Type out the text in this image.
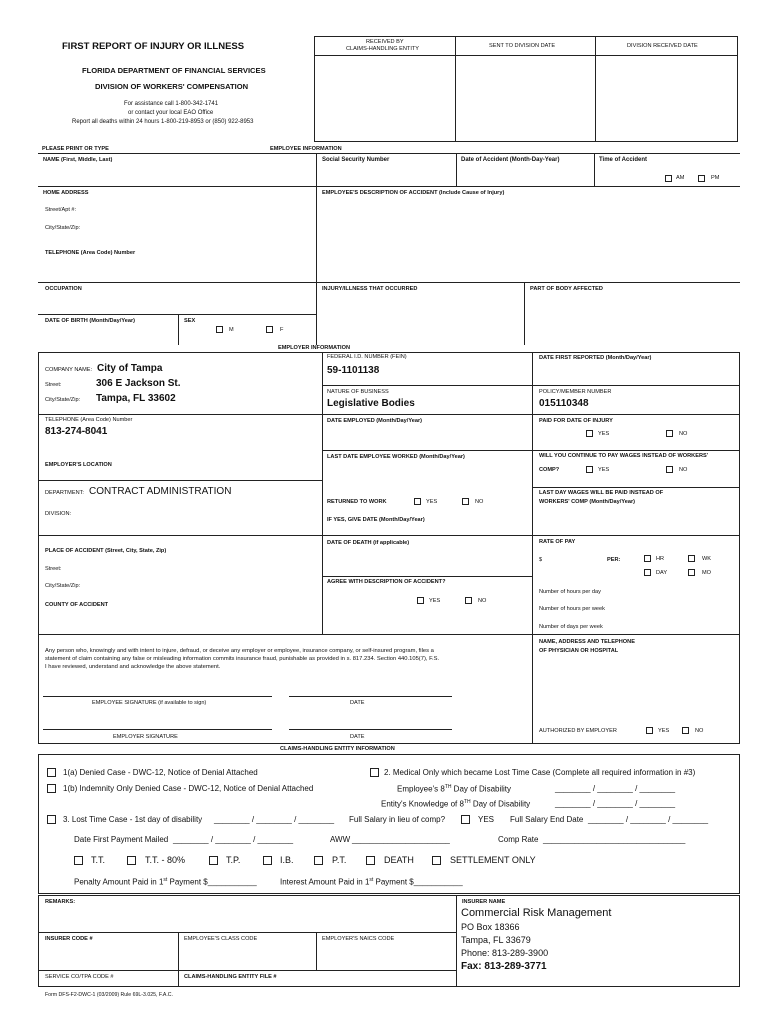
FIRST REPORT OF INJURY OR ILLNESS
FLORIDA DEPARTMENT OF FINANCIAL SERVICES
DIVISION OF WORKERS' COMPENSATION
For assistance call 1-800-342-1741
or contact your local EAO Office
Report all deaths within 24 hours 1-800-219-8953 or (850) 922-8953
RECEIVED BY
CLAIMS-HANDLING ENTITY	SENT TO DIVISION DATE	DIVISION RECEIVED DATE
PLEASE PRINT OR TYPE	EMPLOYEE INFORMATION
NAME (First, Middle, Last)	Social Security Number	Date of Accident (Month-Day-Year)	Time of Accident
AM	PM
HOME ADDRESS
Street/Apt #:
City/State/Zip:
TELEPHONE (Area Code) Number
EMPLOYEE'S DESCRIPTION OF ACCIDENT (Include Cause of Injury)
OCCUPATION	INJURY/ILLNESS THAT OCCURRED	PART OF BODY AFFECTED
DATE OF BIRTH (Month/Day/Year)	SEX
M	F
EMPLOYER INFORMATION
COMPANY NAME: City of Tampa
Street:	306 E Jackson St.
City/State/Zip: Tampa, FL 33602
FEDERAL I.D. NUMBER (FEIN)
59-1101138
DATE FIRST REPORTED (Month/Day/Year)
NATURE OF BUSINESS
Legislative Bodies
POLICY/MEMBER NUMBER
015110348
TELEPHONE (Area Code) Number
813-274-8041
DATE EMPLOYED (Month/Day/Year)	PAID FOR DATE OF INJURY
YES	NO
EMPLOYER'S LOCATION
LAST DATE EMPLOYEE WORKED (Month/Day/Year)	WILL YOU CONTINUE TO PAY WAGES INSTEAD OF WORKERS'
COMP?	YES	NO
DEPARTMENT: CONTRACT ADMINISTRATION
DIVISION:
RETURNED TO WORK	YES	NO
IF YES, GIVE DATE (Month/Day/Year)
LAST DAY WAGES WILL BE PAID INSTEAD OF
WORKERS' COMP (Month/Day/Year)
PLACE OF ACCIDENT (Street, City, State, Zip)
Street:
City/State/Zip:
COUNTY OF ACCIDENT
DATE OF DEATH (if applicable)
AGREE WITH DESCRIPTION OF ACCIDENT?
YES	NO
RATE OF PAY
$	PER:	HR	WK
DAY	MO
Number of hours per day
Number of hours per week
Number of days per week
NAME, ADDRESS AND TELEPHONE
OF PHYSICIAN OR HOSPITAL
Any person who, knowingly and with intent to injure, defraud, or deceive any employer or employee, insurance company, or self-insured program, files a
statement of claim containing any false or misleading information commits insurance fraud, punishable as provided in s. 817.234. Section 440.105(7), F.S.
I have reviewed, understand and acknowledge the above statement.
EMPLOYEE SIGNATURE (if available to sign)	DATE
EMPLOYER SIGNATURE	DATE
AUTHORIZED BY EMPLOYER	YES	NO
CLAIMS-HANDLING ENTITY INFORMATION
1(a) Denied Case - DWC-12, Notice of Denial Attached	2. Medical Only which became Lost Time Case (Complete all required information in #3)
1(b) Indemnity Only Denied Case - DWC-12, Notice of Denial Attached	Employee's 8TH Day of Disability	________ / ________ / ________
Entity's Knowledge of 8TH Day of Disability	________ / ________ / ________
3. Lost Time Case - 1st day of disability ________ / ________ / ________ Full Salary in lieu of comp?	YES Full Salary End Date ________ / ________ / ________
Date First Payment Mailed ________ / ________ / ________	AWW ______________________	Comp Rate ________________________________
T.T.	T.T. - 80%	T.P.	I.B.	P.T.	DEATH	SETTLEMENT ONLY
Penalty Amount Paid in 1st Payment $___________	Interest Amount Paid in 1st Payment $___________
REMARKS:
INSURER CODE #	EMPLOYEE'S CLASS CODE	EMPLOYER'S NAICS CODE
SERVICE CO/TPA CODE #	CLAIMS-HANDLING ENTITY FILE #
INSURER NAME
Commercial Risk Management
PO Box 18366
Tampa, FL 33679
Phone: 813-289-3900
Fax: 813-289-3771
Form DFS-F2-DWC-1 (03/2009) Rule 69L-3.025, F.A.C.
